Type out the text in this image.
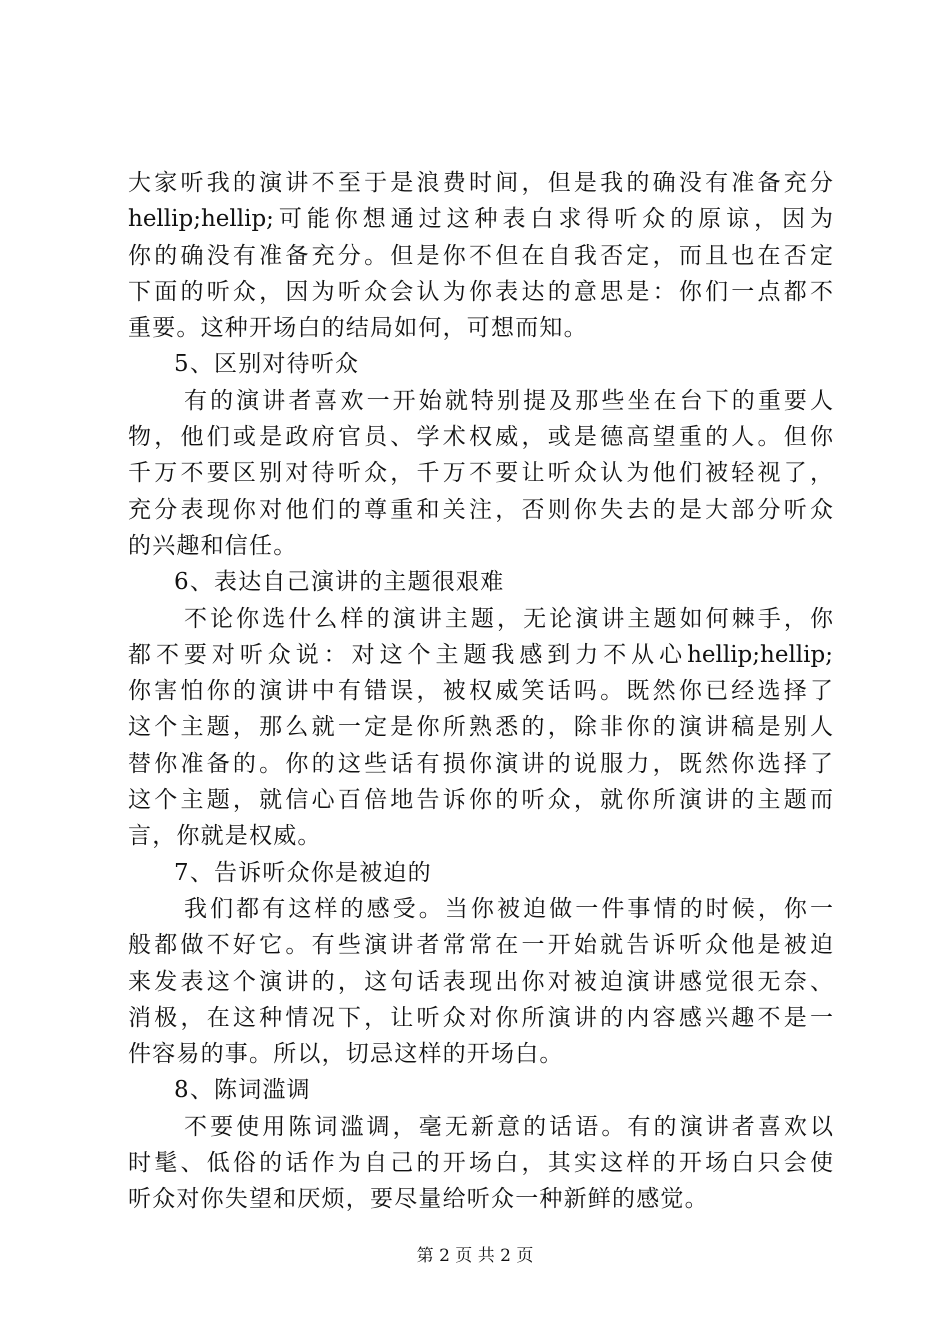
大家听我的演讲不至于是浪费时间，但是我的确没有准备充分
hellip;hellip;可能你想通过这种表白求得听众的原谅，因为
你的确没有准备充分。但是你不但在自我否定，而且也在否定
下面的听众，因为听众会认为你表达的意思是：你们一点都不
重要。这种开场白的结局如何，可想而知。
5、区别对待听众
有的演讲者喜欢一开始就特别提及那些坐在台下的重要人
物，他们或是政府官员、学术权威，或是德高望重的人。但你
千万不要区别对待听众，千万不要让听众认为他们被轻视了，
充分表现你对他们的尊重和关注，否则你失去的是大部分听众
的兴趣和信任。
6、表达自己演讲的主题很艰难
不论你选什么样的演讲主题，无论演讲主题如何棘手，你
都不要对听众说：对这个主题我感到力不从心hellip;hellip;
你害怕你的演讲中有错误，被权威笑话吗。既然你已经选择了
这个主题，那么就一定是你所熟悉的，除非你的演讲稿是别人
替你准备的。你的这些话有损你演讲的说服力，既然你选择了
这个主题，就信心百倍地告诉你的听众，就你所演讲的主题而
言，你就是权威。
7、告诉听众你是被迫的
我们都有这样的感受。当你被迫做一件事情的时候，你一
般都做不好它。有些演讲者常常在一开始就告诉听众他是被迫
来发表这个演讲的，这句话表现出你对被迫演讲感觉很无奈、
消极，在这种情况下，让听众对你所演讲的内容感兴趣不是一
件容易的事。所以，切忌这样的开场白。
8、陈词滥调
不要使用陈词滥调，毫无新意的话语。有的演讲者喜欢以
时髦、低俗的话作为自己的开场白，其实这样的开场白只会使
听众对你失望和厌烦，要尽量给听众一种新鲜的感觉。
第 2 页 共 2 页
